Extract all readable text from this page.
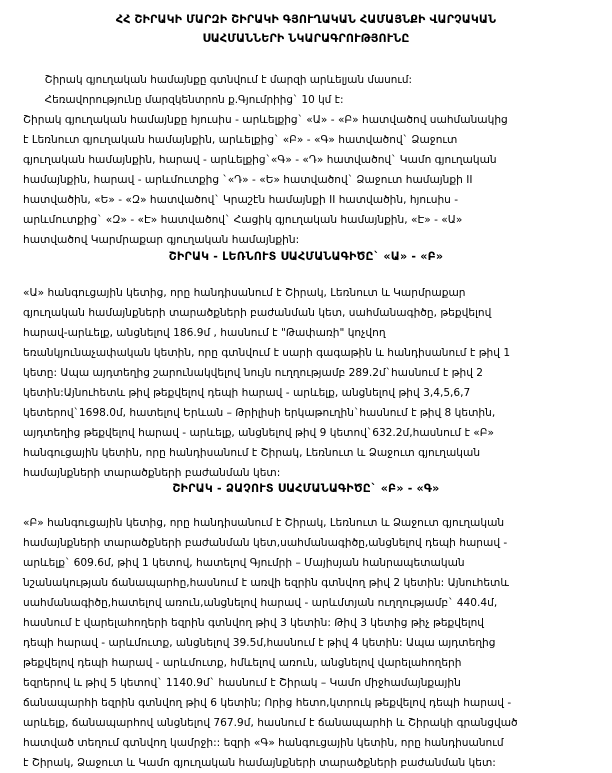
ՀՀ ՇԻՐԱԿԻ ՄԱՐԶԻ ՇԻՐԱԿԻ ԳՅՈՒՂԱԿԱՆ ՀԱՄԱՅՆՔԻ ՎԱՐՉԱԿԱՆ
ՍԱՀՄԱՆՆԵՐԻ ՆԿԱՐԱԳՐՈՒԹՅՈՒՆԸ
Շիրակ գյուղական համայնքը գտնվում է մարզի արևելյան մասում:
Հեռավորությունը մարզկենտրոն ք.Գյումրիից` 10 կմ է:

Շիրակ գյուղական համայնքը հյուսիս - արևելքից` «Ա» - «Բ» հատվածով սահմանակից է Լեռնուտ գյուղական համայնքին, արևելքից` «Բ» - «Գ» հատվածով` Ձաջուտ գյուղական համայնքին, հարավ - արևելքից`«Գ» - «Դ» հատվածով` Կամո գյուղական համայնքին, հարավ - արևմուտքից `«Դ» - «Ե» հատվածով` Ձաջուտ համայնքի ІІ հատվածին, «Ե» - «Զ» հատվածով` Կրաշէն համայնքի ІІ հատվածին, հյուսիս - արևմուտքից` «Զ» - «Է» հատվածով` Հացիկ գյուղական համայնքին, «Է» - «Ա»
հատվածով Կարմրաքար գյուղական համայնքին:

ՇԻՐԱԿ - ԼԵՌՆՈՒՏ ՍԱՀՄԱՆԱԳԻԾԸ` «Ա» - «Բ»

«Ա» հանգուցային կետից, որը հանդիսանում է Շիրակ, Լեռնուտ և Կարմրաքար գյուղական համայնքների տարածքների բաժանման կետ, սահմանագիծը, թեքվելով հարավ-արևելք, անցնելով 186.9մ , հասնում է "Թափառի" կոչվող եռանկյունաչափական կետին, որը գտնվում է սարի գագաթին և հանդիսանում է թիվ 1 կետը: Ապա այդտեղից շարունակվելով նույն ուղղությամբ 289.2մ`հասնում է թիվ 2 կետին:Այնուհետև թիվ թեքվելով դեպի հարավ - արևելք, անցնելով թիվ 3,4,5,6,7 կետերով`1698.0մ, հատելով Երևան – Թրիլիսի երկաթուղին`հասնում է թիվ 8 կետին, այդտեղից թեքվելով հարավ - արևելք, անցնելով թիվ 9 կետով`632.2մ,հասնում է «Բ» հանգուցային կետին, որը հանդիսանում է Շիրակ, Լեռնուտ և Ձաջուտ գյուղական
համայնքների տարածքների բաժանման կետ:

ՇԻՐԱԿ - ՁԱՉՈՒՏ ՍԱՀՄԱՆԱԳԻԾԸ` «Բ» - «Գ»

«Բ» հանգուցային կետից, որը հանդիսանում է Շիրակ, Լեռնուտ և Ձաջուտ գյուղական համայնքների տարածքների բաժանման կետ,սահմանագիծը,անցնելով դեպի հարավ - արևելք` 609.6մ, թիվ 1 կետով, հատելով Գյումրի – Մայիսյան հանրապետական նշանակության ճանապարհը,հասնում է առվի եզրին գտնվող թիվ 2 կետին: Այնուհետև սահմանագիծը,հատելով առուն,անցնելով հարավ - արևմտյան ուղղությամբ` 440.4մ, հասնում է վարելահողերի եզրին գտնվող թիվ 3 կետին: Թիվ 3 կետից թիչ թեքվելով դեպի հարավ - արևմուտք, անցնելով 39.5մ,հասնում է թիվ 4 կետին: Ապա այդտեղից թեքվելով դեպի հարավ - արևմուտք, հմևելով առուն, անցնելով վարելահողերի եզրերով և թիվ 5 կետով` 1140.9մ` հասնում է Շիրակ – Կամո միջհամայնքային ճանապարհի եզրին գտնվող թիվ 6 կետին; Որից հետո,կտրուկ թեքվելով դեպի հարավ - արևելք, ճանապարհով անցնելով 767.9մ, հասնում է ճանապարհի և Շիրակի գրանցված հատված տեղում գտնվող կամրջի:: եզրի «Գ» հանգուցային կետին, որը հանդիսանում
է Շիրակ, Ձաջուտ և Կամո գյուղական համայնքների տարածքների բաժանման կետ:
